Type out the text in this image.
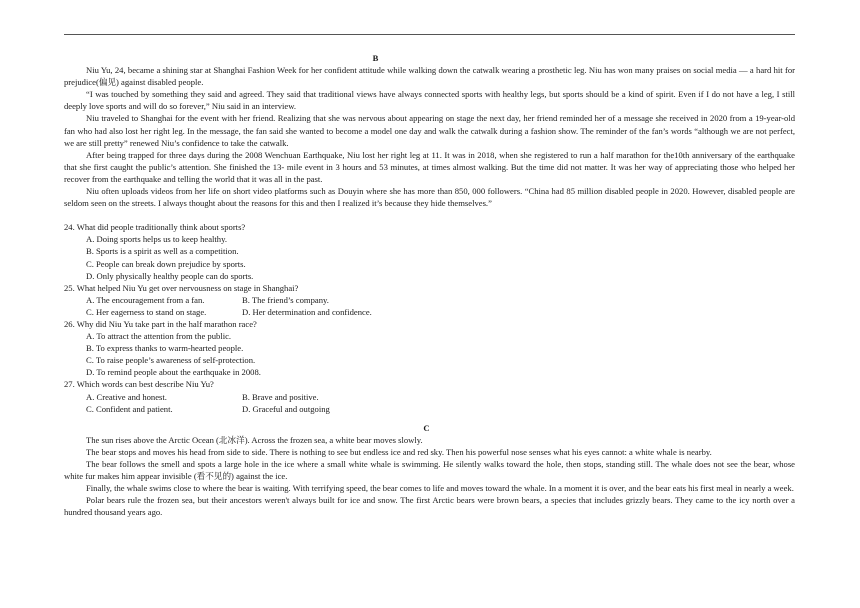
B

Niu Yu, 24, became a shining star at Shanghai Fashion Week for her confident attitude while walking down the catwalk wearing a prosthetic leg. Niu has won many praises on social media — a hard hit for prejudice(偏见) against disabled people.

“I was touched by something they said and agreed. They said that traditional views have always connected sports with healthy legs, but sports should be a kind of spirit. Even if I do not have a leg, I still deeply love sports and will do so forever,” Niu said in an interview.

Niu traveled to Shanghai for the event with her friend. Realizing that she was nervous about appearing on stage the next day, her friend reminded her of a message she received in 2020 from a 19-year-old fan who had also lost her right leg. In the message, the fan said she wanted to become a model one day and walk the catwalk during a fashion show. The reminder of the fan’s words “although we are not perfect, we are still pretty” renewed Niu’s confidence to take the catwalk.

After being trapped for three days during the 2008 Wenchuan Earthquake, Niu lost her right leg at 11. It was in 2018, when she registered to run a half marathon for the10th anniversary of the earthquake that she first caught the public’s attention. She finished the 13- mile event in 3 hours and 53 minutes, at times almost walking. But the time did not matter. It was her way of appreciating those who helped her recover from the earthquake and telling the world that it was all in the past.

Niu often uploads videos from her life on short video platforms such as Douyin where she has more than 850, 000 followers. “China had 85 million disabled people in 2020. However, disabled people are seldom seen on the streets. I always thought about the reasons for this and then I realized it’s because they hide themselves.”

24. What did people traditionally think about sports?

A. Doing sports helps us to keep healthy.

B. Sports is a spirit as well as a competition.

C. People can break down prejudice by sports.

D. Only physically healthy people can do sports.

25. What helped Niu Yu get over nervousness on stage in Shanghai?

A. The encouragement from a fan.	B. The friend’s company.
C. Her eagerness to stand on stage.	D. Her determination and confidence.

26. Why did Niu Yu take part in the half marathon race?

A. To attract the attention from the public.

B. To express thanks to warm-hearted people.

C. To raise people’s awareness of self-protection.

D. To remind people about the earthquake in 2008.

27. Which words can best describe Niu Yu?

A. Creative and honest.	B. Brave and positive.
C. Confident and patient.	D. Graceful and outgoing
C

The sun rises above the Arctic Ocean (北冰洋). Across the frozen sea, a white bear moves slowly.

The bear stops and moves his head from side to side. There is nothing to see but endless ice and red sky. Then his powerful nose senses what his eyes cannot: a white whale is nearby.

The bear follows the smell and spots a large hole in the ice where a small white whale is swimming. He silently walks toward the hole, then stops, standing still. The whale does not see the bear, whose white fur makes him appear invisible (看不见的) against the ice.

Finally, the whale swims close to where the bear is waiting. With terrifying speed, the bear comes to life and moves toward the whale. In a moment it is over, and the bear eats his first meal in nearly a week.

Polar bears rule the frozen sea, but their ancestors weren't always built for ice and snow. The first Arctic bears were brown bears, a species that includes grizzly bears. They came to the icy north over a hundred thousand years ago.
